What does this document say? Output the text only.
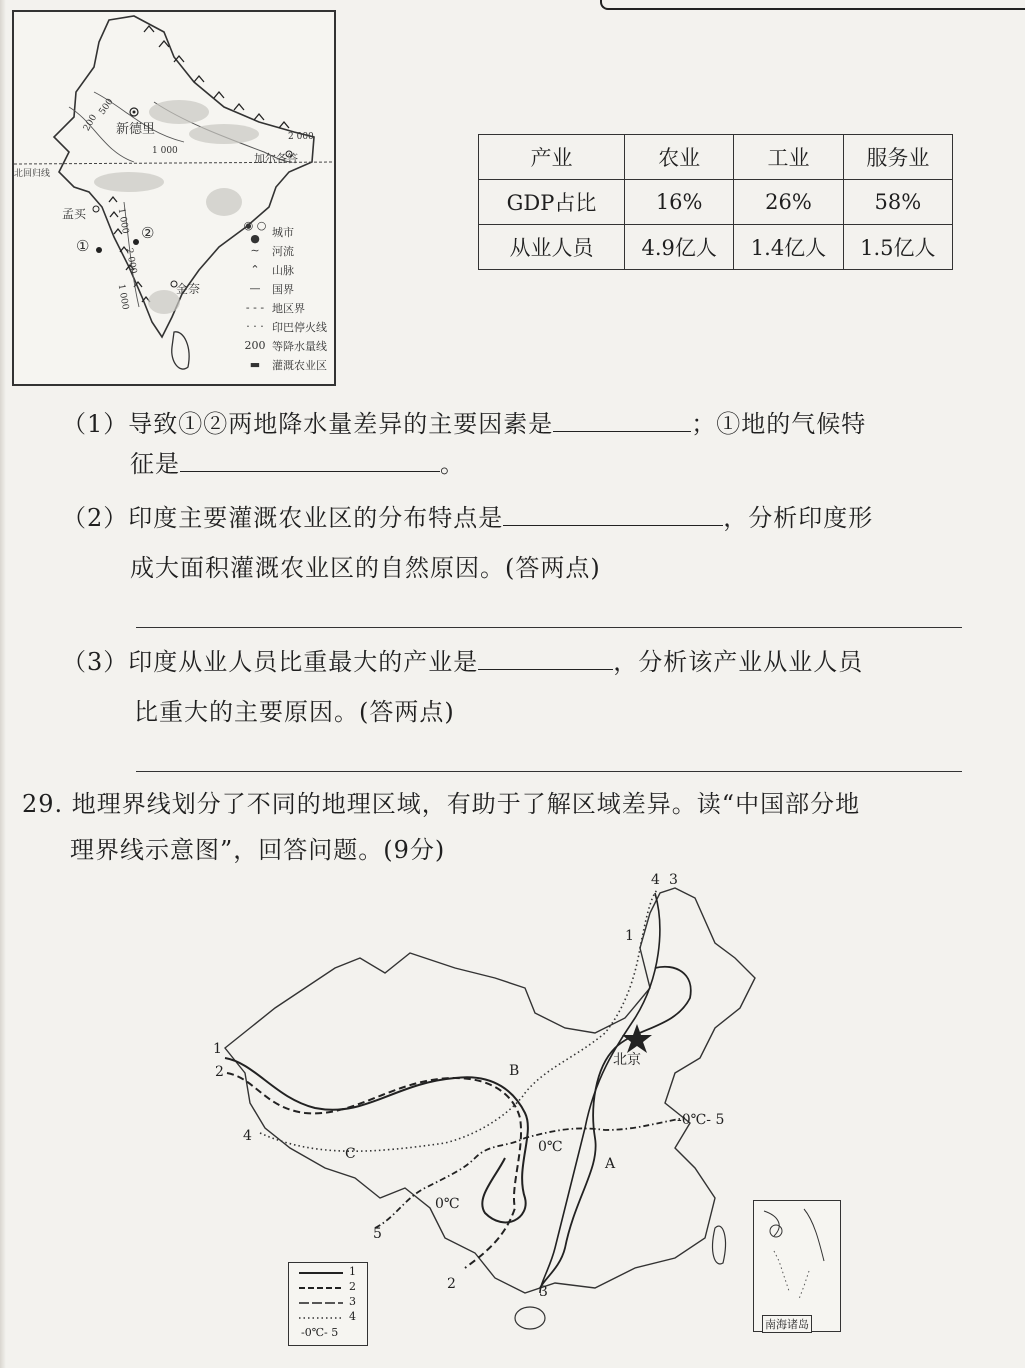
新德里
加尔各答
北回归线
孟买
金奈
①
②
200
500
1 000
2 000
1 000
2 000
1 000
◉ ○ ●	城市
∼	河流
⌃	山脉
—	国界
- - - 地区界
· · · 印巴停火线
200 等降水量线
▬	灌溉农业区
产业	农业	工业	服务业
GDP占比	16%	26%	58%
从业人员	4.9亿人	1.4亿人	1.5亿人
（1）导致①②两地降水量差异的主要因素是	；①地的气候特
征是	。
（2）印度主要灌溉农业区的分布特点是	，分析印度形
成大面积灌溉农业区的自然原因。(答两点)
（3）印度从业人员比重最大的产业是	，分析该产业从业人员
比重大的主要原因。(答两点)
29. 地理界线划分了不同的地理区域，有助于了解区域差异。读“中国部分地
理界线示意图”，回答问题。(9分)
A
B
C
北京
0℃
0℃
1
2
4
5
2	3
4 3
1
-0℃- 5
1
2
3
4
-0℃- 5
南海诸岛
